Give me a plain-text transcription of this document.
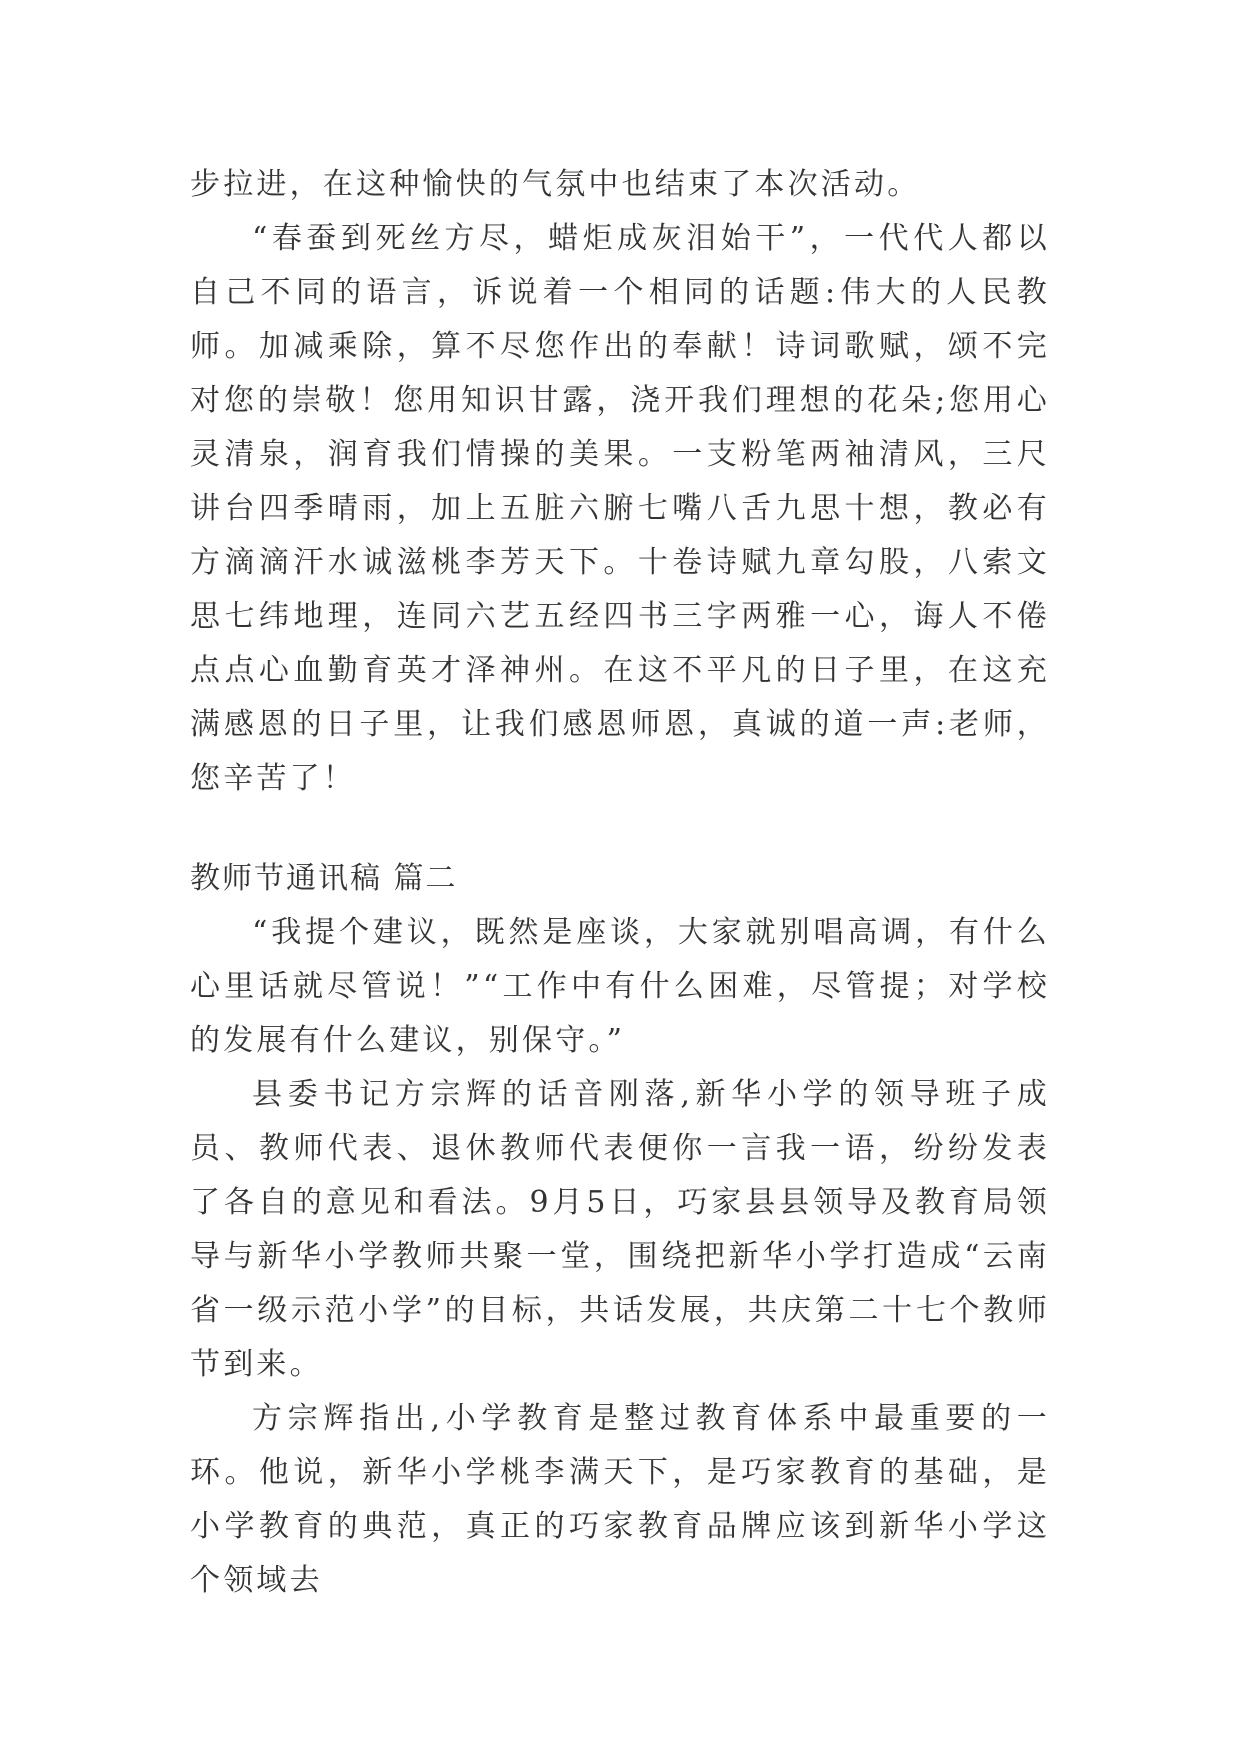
步拉进，在这种愉快的气氛中也结束了本次活动。

“春蚕到死丝方尽，蜡炬成灰泪始干”，一代代人都以自己不同的语言，诉说着一个相同的话题:伟大的人民教师。加减乘除，算不尽您作出的奉献！诗词歌赋，颂不完对您的崇敬！您用知识甘露，浇开我们理想的花朵;您用心灵清泉，润育我们情操的美果。一支粉笔两袖清风，三尺讲台四季晴雨，加上五脏六腑七嘴八舌九思十想，教必有方滴滴汗水诚滋桃李芳天下。十卷诗赋九章勾股，八索文思七纬地理，连同六艺五经四书三字两雅一心，诲人不倦点点心血勤育英才泽神州。在这不平凡的日子里，在这充满感恩的日子里，让我们感恩师恩，真诚的道一声:老师，您辛苦了！

教师节通讯稿 篇二

“我提个建议，既然是座谈，大家就别唱高调，有什么心里话就尽管说！”“工作中有什么困难，尽管提；对学校的发展有什么建议，别保守。”

县委书记方宗辉的话音刚落,新华小学的领导班子成员、教师代表、退休教师代表便你一言我一语，纷纷发表了各自的意见和看法。9月5日，巧家县县领导及教育局领导与新华小学教师共聚一堂，围绕把新华小学打造成“云南省一级示范小学”的目标，共话发展，共庆第二十七个教师节到来。

方宗辉指出,小学教育是整过教育体系中最重要的一环。他说，新华小学桃李满天下，是巧家教育的基础，是小学教育的典范，真正的巧家教育品牌应该到新华小学这个领域去
